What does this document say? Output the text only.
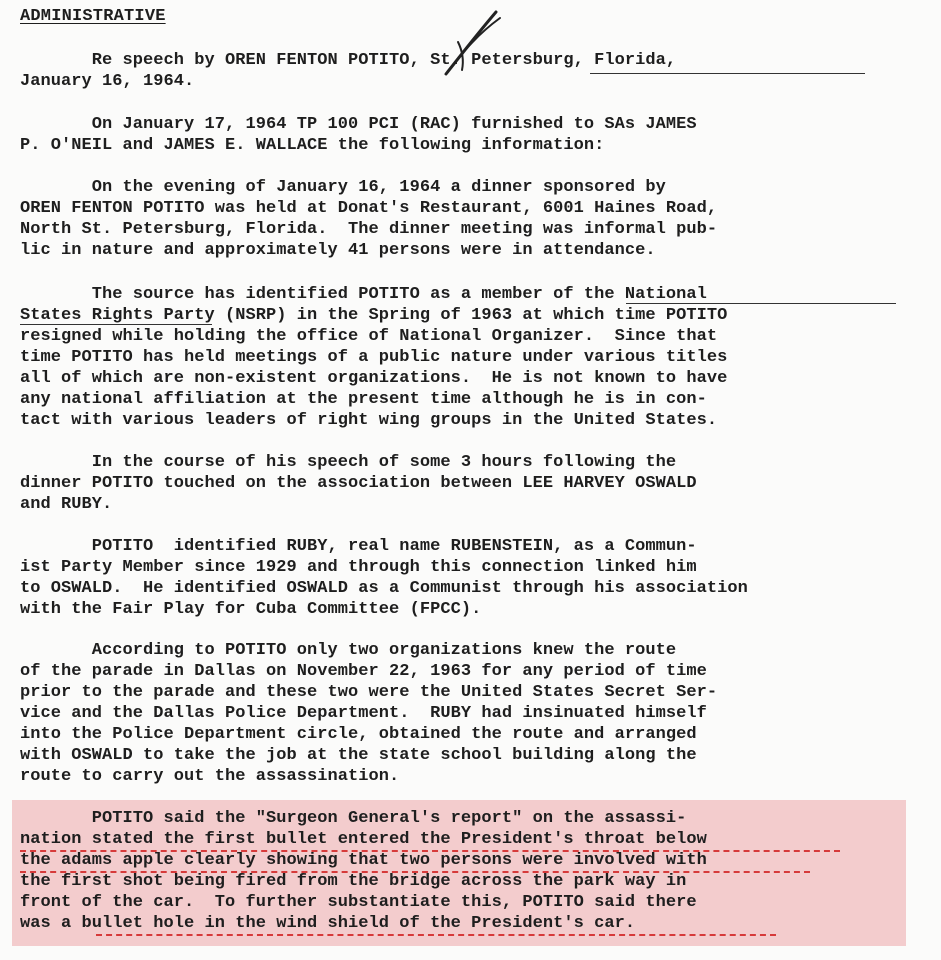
ADMINISTRATIVE
Re speech by OREN FENTON POTITO, St. Petersburg, Florida,
January 16, 1964.
On January 17, 1964 TP 100 PCI (RAC) furnished to SAs JAMES
P. O'NEIL and JAMES E. WALLACE the following information:
On the evening of January 16, 1964 a dinner sponsored by
OREN FENTON POTITO was held at Donat's Restaurant, 6001 Haines Road,
North St. Petersburg, Florida.  The dinner meeting was informal pub-
lic in nature and approximately 41 persons were in attendance.
The source has identified POTITO as a member of the National
States Rights Party (NSRP) in the Spring of 1963 at which time POTITO
resigned while holding the office of National Organizer.  Since that
time POTITO has held meetings of a public nature under various titles
all of which are non-existent organizations.  He is not known to have
any national affiliation at the present time although he is in con-
tact with various leaders of right wing groups in the United States.
In the course of his speech of some 3 hours following the
dinner POTITO touched on the association between LEE HARVEY OSWALD
and RUBY.
POTITO  identified RUBY, real name RUBENSTEIN, as a Commun-
ist Party Member since 1929 and through this connection linked him
to OSWALD.  He identified OSWALD as a Communist through his association
with the Fair Play for Cuba Committee (FPCC).
According to POTITO only two organizations knew the route
of the parade in Dallas on November 22, 1963 for any period of time
prior to the parade and these two were the United States Secret Ser-
vice and the Dallas Police Department.  RUBY had insinuated himself
into the Police Department circle, obtained the route and arranged
with OSWALD to take the job at the state school building along the
route to carry out the assassination.
POTITO said the "Surgeon General's report" on the assassi-
nation stated the first bullet entered the President's throat below
the adams apple clearly showing that two persons were involved with
the first shot being fired from the bridge across the park way in
front of the car.  To further substantiate this, POTITO said there
was a bullet hole in the wind shield of the President's car.
